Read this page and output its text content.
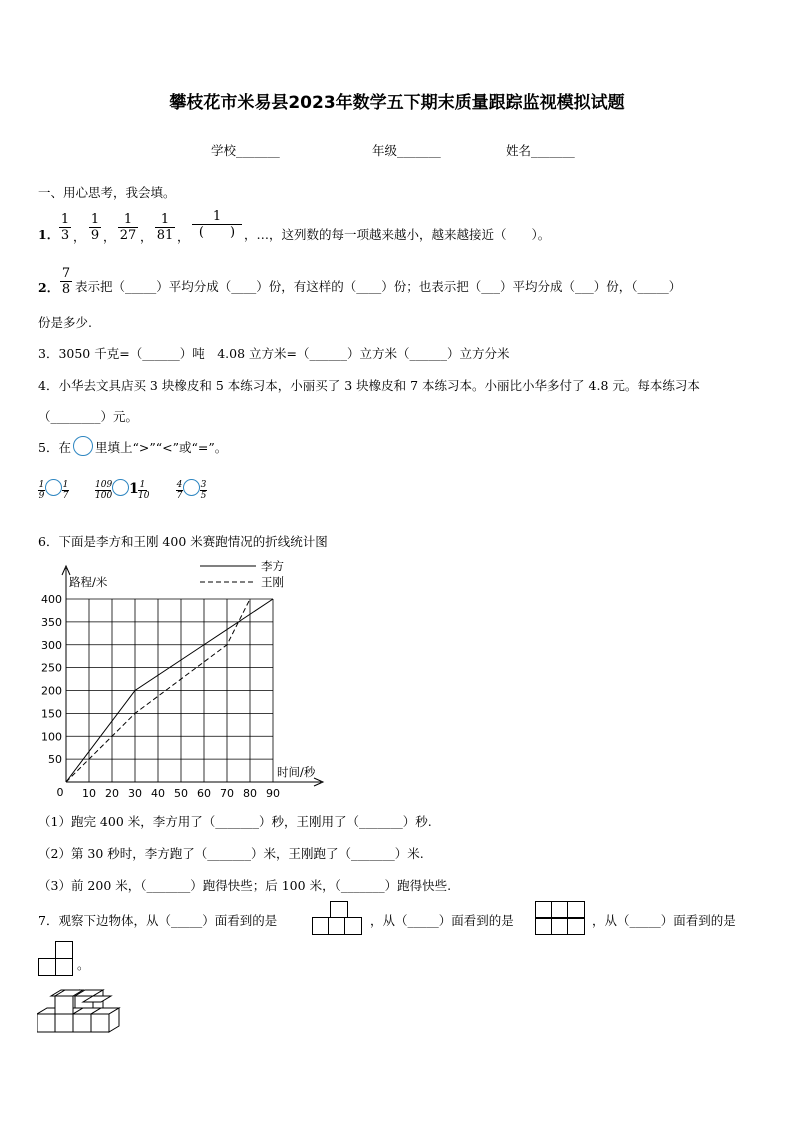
攀枝花市米易县2023年数学五下期末质量跟踪监视模拟试题
学校_______	年级_______	姓名_______
一、用心思考，我会填。
1．
1
3 ，
1
9 ，
1
27 ，
1
81 ，
1
(　　) ，…，这列数的每一项越来越小，越来越接近（　　）。
2．
7
8 表示把（_____）平均分成（____）份，有这样的（____）份；也表示把（___）平均分成（___）份，（_____）
份是多少.
3．3050 千克=（______）吨　4.08 立方米=（______）立方米（______）立方分米
4．小华去文具店买 3 块橡皮和 5 本练习本，小丽买了 3 块橡皮和 7 本练习本。小丽比小华多付了 4.8 元。每本练习本
（________）元。
5．在 里填上“>”“<”或“=”。
1
9
1
7
109
100 1 1
10
4
7
3
5
6．下面是李方和王刚 400 米赛跑情况的折线统计图
10 20 30 40 50 60 70 80 90
50
100
150
200
250
300
350
400
0
路程/米
时间/秒
李方
王刚
（1）跑完 400 米，李方用了（_______）秒，王刚用了（_______）秒.
（2）第 30 秒时，李方跑了（_______）米，王刚跑了（_______）米.
（3）前 200 米，（_______）跑得快些；后 100 米，（_______）跑得快些.
7．观察下边物体，从（_____）面看到的是	，从（_____）面看到的是	，从（_____）面看到的是
。
